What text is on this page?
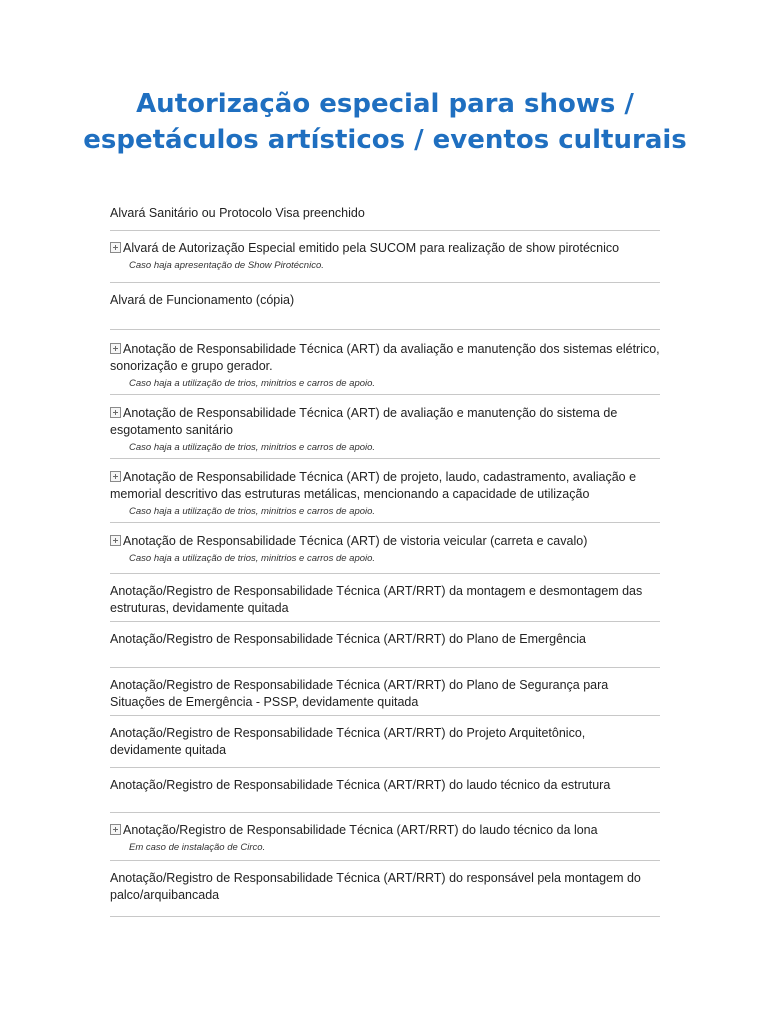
Autorização especial para shows /
espetáculos artísticos / eventos culturais
Alvará Sanitário ou Protocolo Visa preenchido
Alvará de Autorização Especial emitido pela SUCOM para realização de show pirotécnico
Caso haja apresentação de Show Pirotécnico.
Alvará de Funcionamento (cópia)
Anotação de Responsabilidade Técnica (ART) da avaliação e manutenção dos sistemas elétrico, sonorização e grupo gerador.
Caso haja a utilização de trios, minitrios e carros de apoio.
Anotação de Responsabilidade Técnica (ART) de avaliação e manutenção do sistema de esgotamento sanitário
Caso haja a utilização de trios, minitrios e carros de apoio.
Anotação de Responsabilidade Técnica (ART) de projeto, laudo, cadastramento, avaliação e memorial descritivo das estruturas metálicas, mencionando a capacidade de utilização
Caso haja a utilização de trios, minitrios e carros de apoio.
Anotação de Responsabilidade Técnica (ART) de vistoria veicular (carreta e cavalo)
Caso haja a utilização de trios, minitrios e carros de apoio.
Anotação/Registro de Responsabilidade Técnica (ART/RRT) da montagem e desmontagem das estruturas, devidamente quitada
Anotação/Registro de Responsabilidade Técnica (ART/RRT) do Plano de Emergência
Anotação/Registro de Responsabilidade Técnica (ART/RRT) do Plano de Segurança para Situações de Emergência - PSSP, devidamente quitada
Anotação/Registro de Responsabilidade Técnica (ART/RRT) do Projeto Arquitetônico, devidamente quitada
Anotação/Registro de Responsabilidade Técnica (ART/RRT) do laudo técnico da estrutura
Anotação/Registro de Responsabilidade Técnica (ART/RRT) do laudo técnico da lona
Em caso de instalação de Circo.
Anotação/Registro de Responsabilidade Técnica (ART/RRT) do responsável pela montagem do palco/arquibancada
